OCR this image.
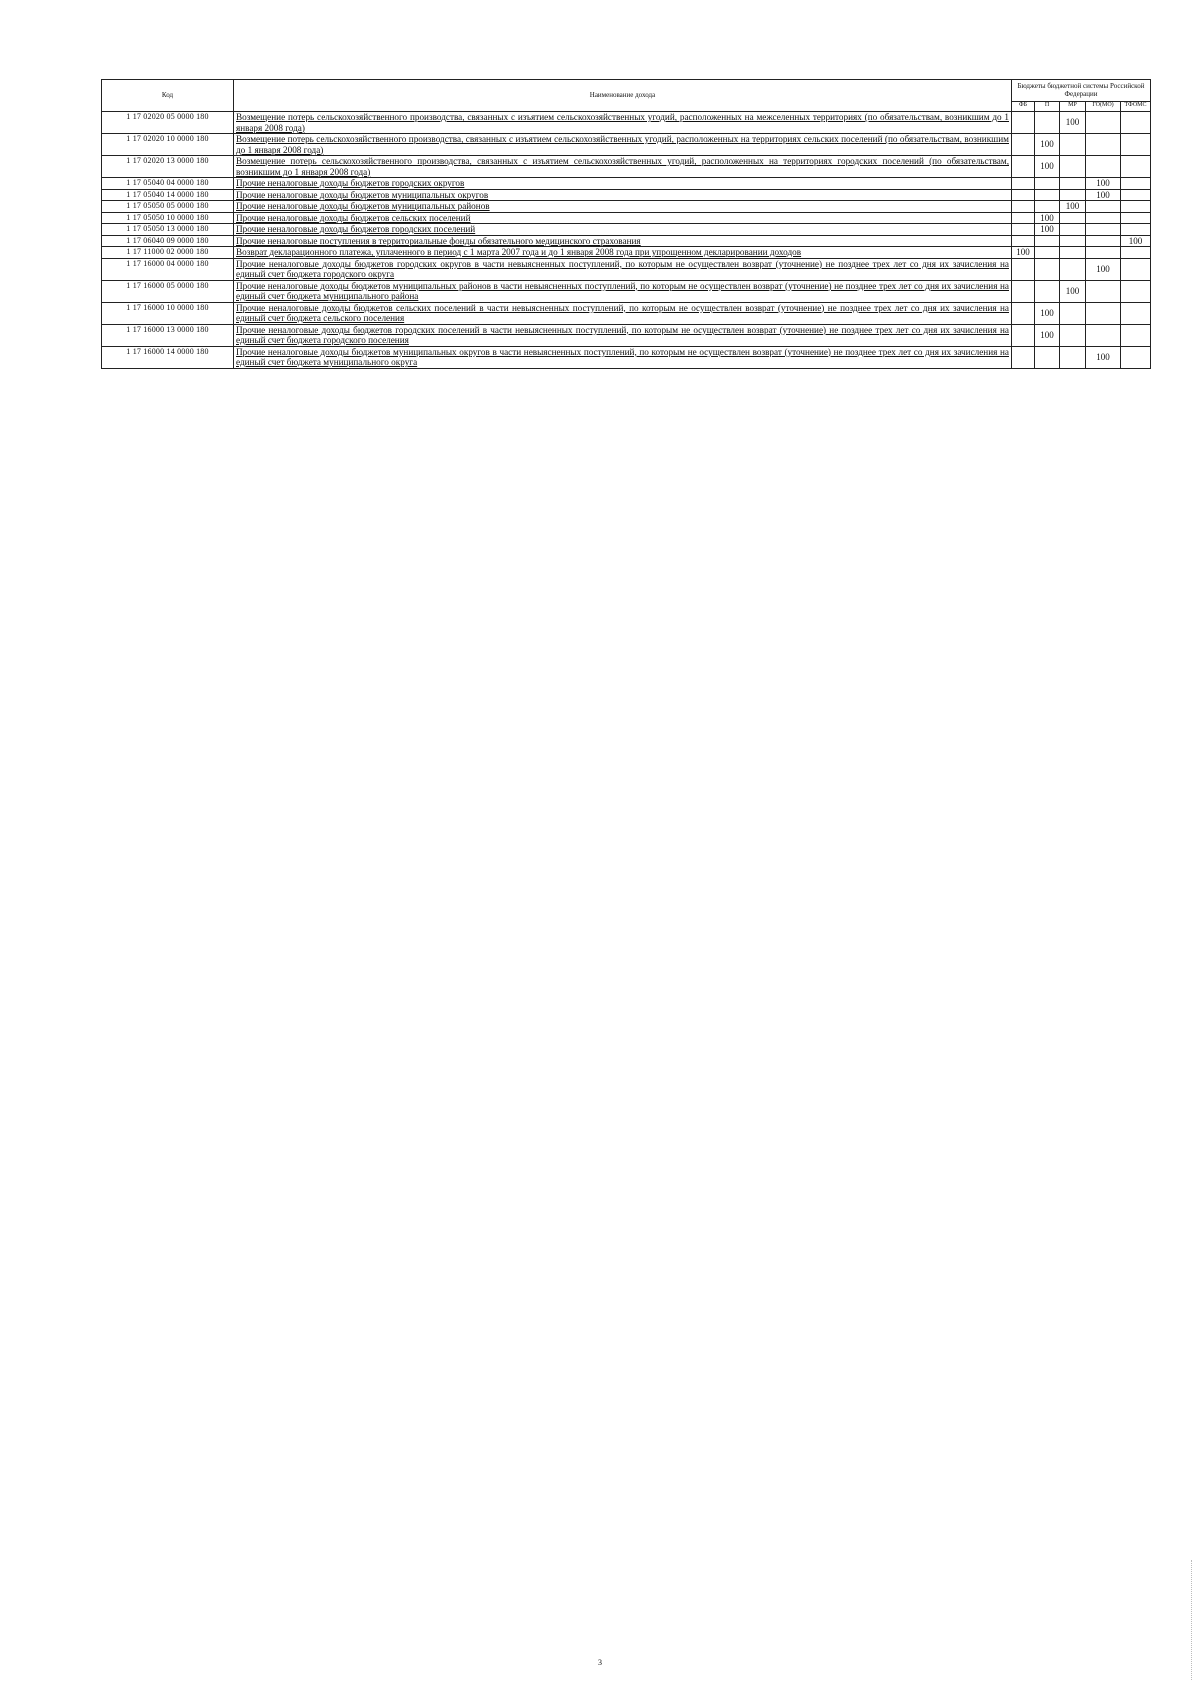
Код	Наименование дохода	Бюджеты бюджетной системы Российской Федерации				
		ФБ	П	МР	ГО(МО)	ТФОМС
1 17 02020 05 0000 180	Возмещение потерь сельскохозяйственного производства, связанных с изъятием сельскохозяйственных угодий, расположенных на межселенных территориях (по обязательствам, возникшим до 1 января 2008 года)			100		
1 17 02020 10 0000 180	Возмещение потерь сельскохозяйственного производства, связанных с изъятием сельскохозяйственных угодий, расположенных на территориях сельских поселений (по обязательствам, возникшим до 1 января 2008 года)		100			
1 17 02020 13 0000 180	Возмещение потерь сельскохозяйственного производства, связанных с изъятием сельскохозяйственных угодий, расположенных на территориях городских поселений (по обязательствам, возникшим до 1 января 2008 года)		100			
1 17 05040 04 0000 180	Прочие неналоговые доходы бюджетов городских округов				100	
1 17 05040 14 0000 180	Прочие неналоговые доходы бюджетов муниципальных округов				100	
1 17 05050 05 0000 180	Прочие неналоговые доходы бюджетов муниципальных районов			100		
1 17 05050 10 0000 180	Прочие неналоговые доходы бюджетов сельских поселений		100			
1 17 05050 13 0000 180	Прочие неналоговые доходы бюджетов городских поселений		100			
1 17 06040 09 0000 180	Прочие неналоговые поступления в территориальные фонды обязательного медицинского страхования					100
1 17 11000 02 0000 180	Возврат декларационного платежа, уплаченного в период с 1 марта 2007 года и до 1 января 2008 года при упрощенном декларировании доходов	100				
1 17 16000 04 0000 180	Прочие неналоговые доходы бюджетов городских округов в части невыясненных поступлений, по которым не осуществлен возврат (уточнение) не позднее трех лет со дня их зачисления на единый счет бюджета городского округа				100	
1 17 16000 05 0000 180	Прочие неналоговые доходы бюджетов муниципальных районов в части невыясненных поступлений, по которым не осуществлен возврат (уточнение) не позднее трех лет со дня их зачисления на единый счет бюджета муниципального района			100		
1 17 16000 10 0000 180	Прочие неналоговые доходы бюджетов сельских поселений в части невыясненных поступлений, по которым не осуществлен возврат (уточнение) не позднее трех лет со дня их зачисления на единый счет бюджета сельского поселения		100			
1 17 16000 13 0000 180	Прочие неналоговые доходы бюджетов городских поселений в части невыясненных поступлений, по которым не осуществлен возврат (уточнение) не позднее трех лет со дня их зачисления на единый счет бюджета городского поселения		100			
1 17 16000 14 0000 180	Прочие неналоговые доходы бюджетов муниципальных округов в части невыясненных поступлений, по которым не осуществлен возврат (уточнение) не позднее трех лет со дня их зачисления на единый счет бюджета муниципального округа				100	
3
